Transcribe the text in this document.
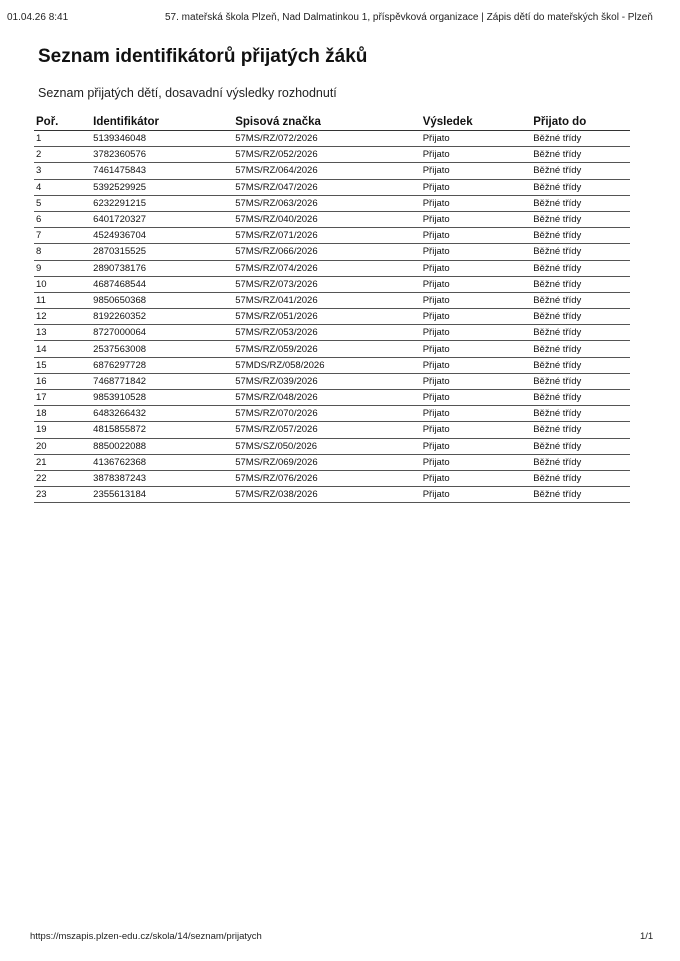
01.04.26 8:41	57. mateřská škola Plzeň, Nad Dalmatinkou 1, příspěvková organizace | Zápis dětí do mateřských škol - Plzeň
Seznam identifikátorů přijatých žáků
Seznam přijatých dětí, dosavadní výsledky rozhodnutí
Poř.	Identifikátor	Spisová značka	Výsledek	Přijato do
1	5139346048	57MS/RZ/072/2026	Přijato	Běžné třídy
2	3782360576	57MS/RZ/052/2026	Přijato	Běžné třídy
3	7461475843	57MS/RZ/064/2026	Přijato	Běžné třídy
4	5392529925	57MS/RZ/047/2026	Přijato	Běžné třídy
5	6232291215	57MS/RZ/063/2026	Přijato	Běžné třídy
6	6401720327	57MS/RZ/040/2026	Přijato	Běžné třídy
7	4524936704	57MS/RZ/071/2026	Přijato	Běžné třídy
8	2870315525	57MS/RZ/066/2026	Přijato	Běžné třídy
9	2890738176	57MS/RZ/074/2026	Přijato	Běžné třídy
10	4687468544	57MS/RZ/073/2026	Přijato	Běžné třídy
11	9850650368	57MS/RZ/041/2026	Přijato	Běžné třídy
12	8192260352	57MS/RZ/051/2026	Přijato	Běžné třídy
13	8727000064	57MS/RZ/053/2026	Přijato	Běžné třídy
14	2537563008	57MS/RZ/059/2026	Přijato	Běžné třídy
15	6876297728	57MDS/RZ/058/2026	Přijato	Běžné třídy
16	7468771842	57MS/RZ/039/2026	Přijato	Běžné třídy
17	9853910528	57MS/RZ/048/2026	Přijato	Běžné třídy
18	6483266432	57MS/RZ/070/2026	Přijato	Běžné třídy
19	4815855872	57MS/RZ/057/2026	Přijato	Běžné třídy
20	8850022088	57MS/SZ/050/2026	Přijato	Běžné třídy
21	4136762368	57MS/RZ/069/2026	Přijato	Běžné třídy
22	3878387243	57MS/RZ/076/2026	Přijato	Běžné třídy
23	2355613184	57MS/RZ/038/2026	Přijato	Běžné třídy
https://mszapis.plzen-edu.cz/skola/14/seznam/prijatych	1/1
